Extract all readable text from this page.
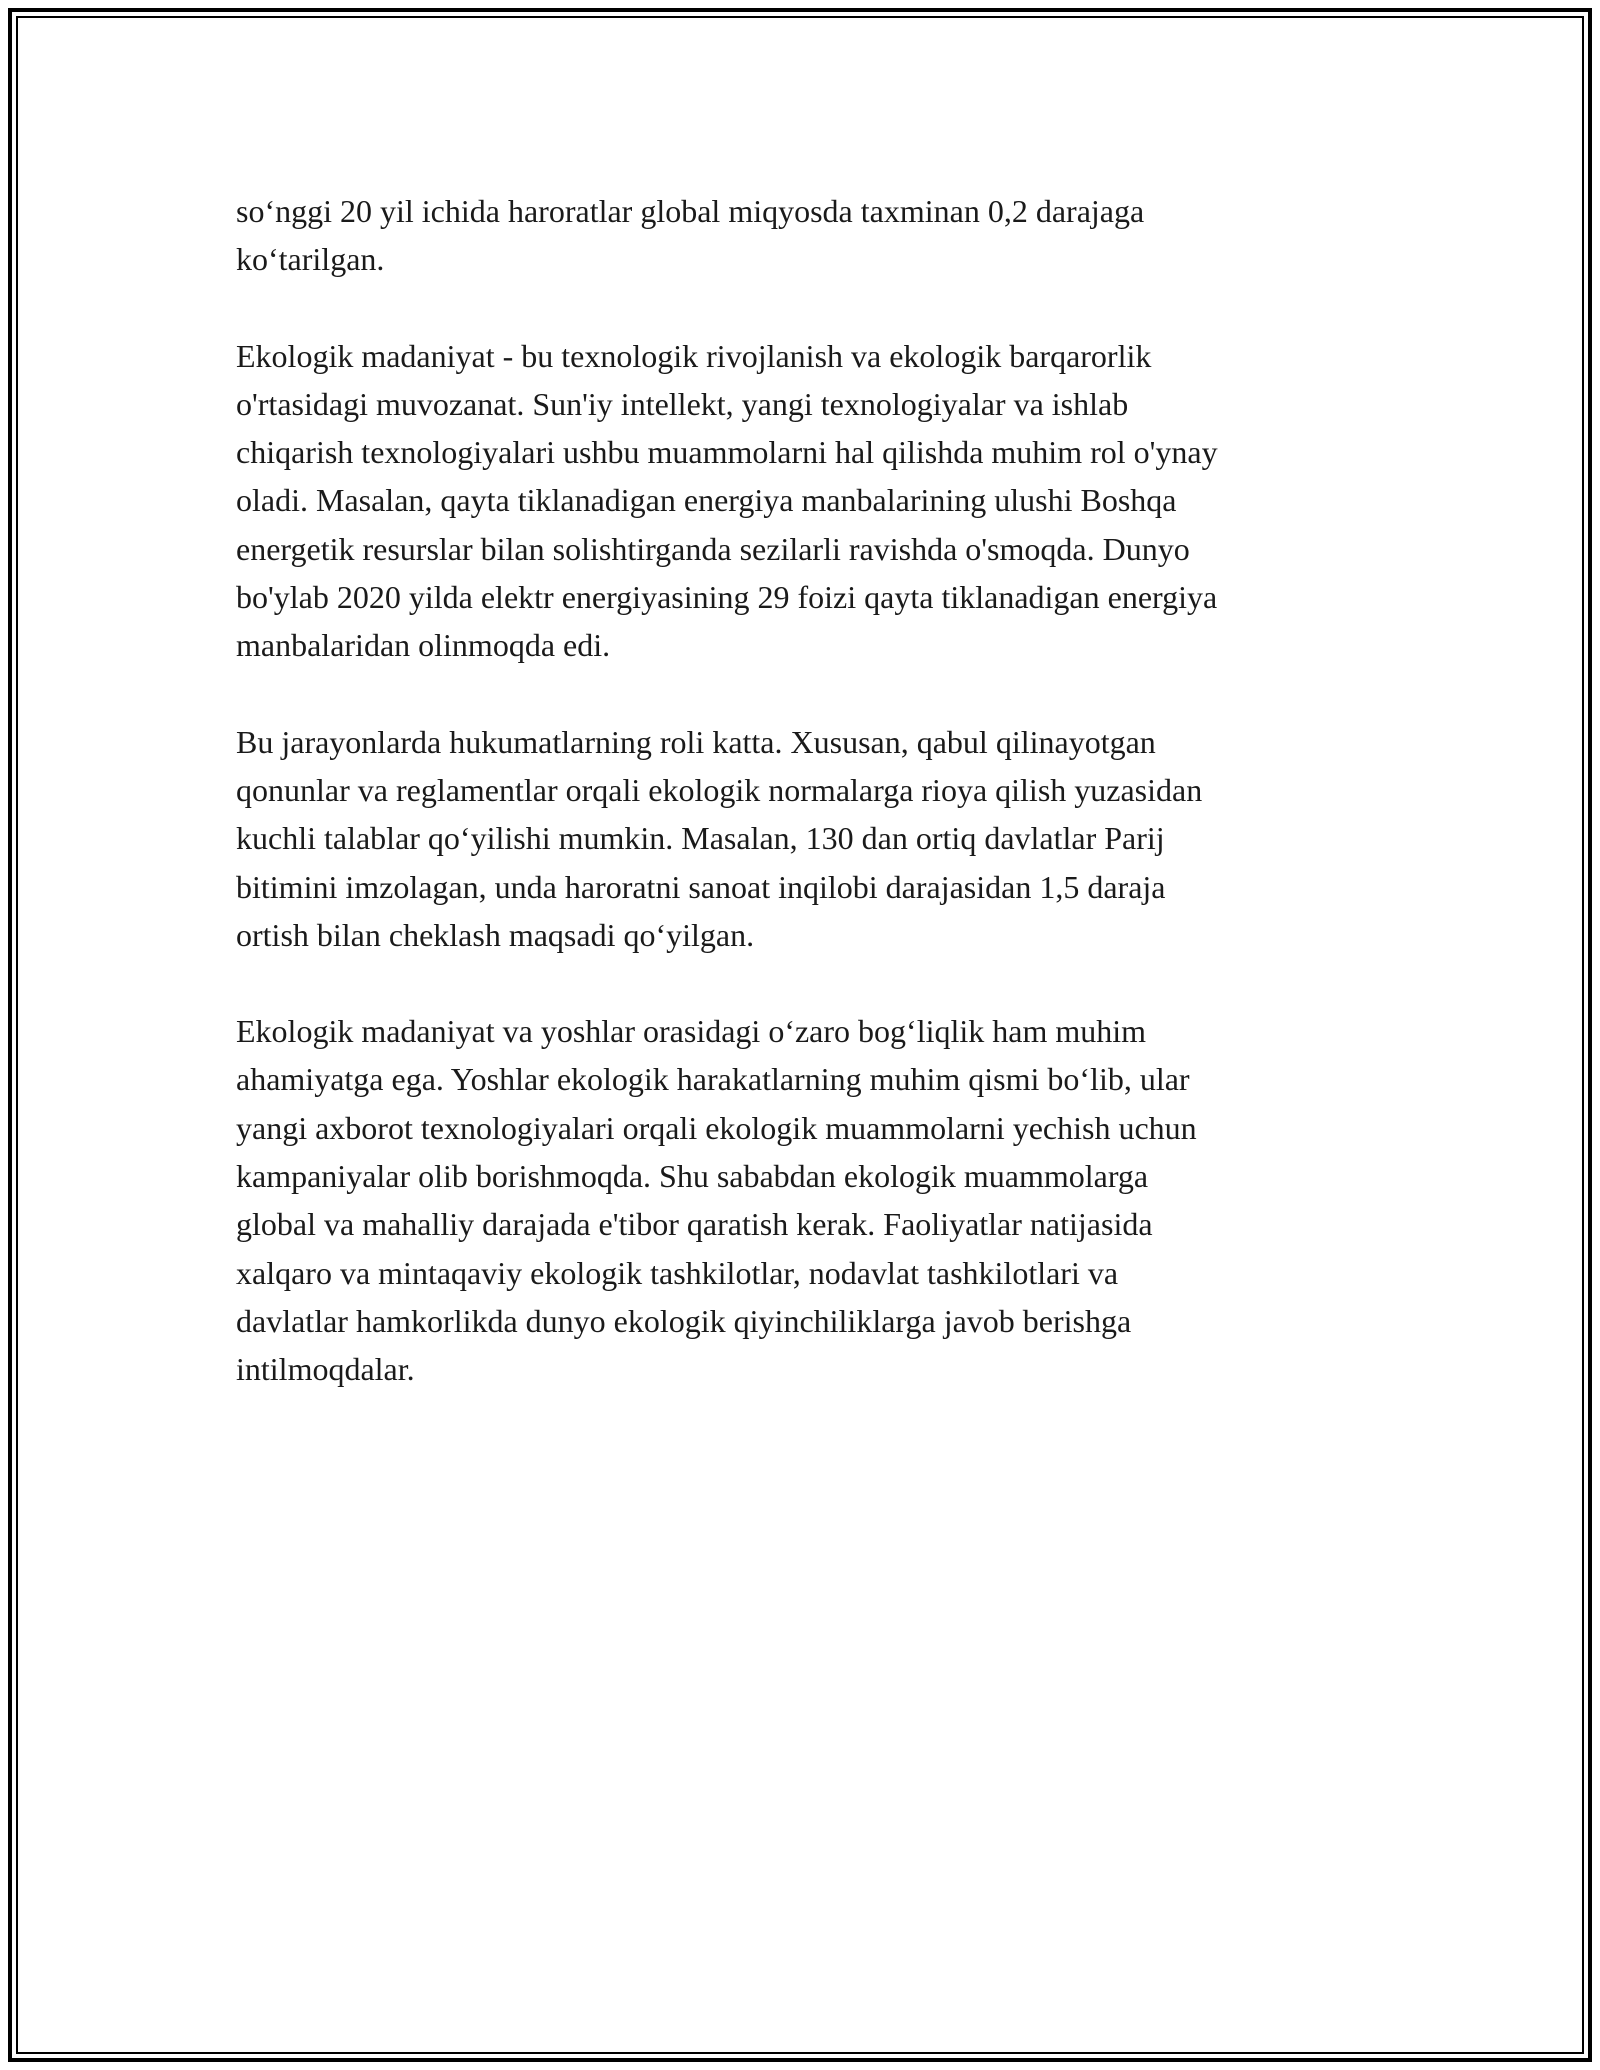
so‘nggi 20 yil ichida haroratlar global miqyosda taxminan 0,2 darajaga
ko‘tarilgan.

Ekologik madaniyat - bu texnologik rivojlanish va ekologik barqarorlik
o'rtasidagi muvozanat. Sun'iy intellekt, yangi texnologiyalar va ishlab
chiqarish texnologiyalari ushbu muammolarni hal qilishda muhim rol o'ynay
oladi. Masalan, qayta tiklanadigan energiya manbalarining ulushi Boshqa
energetik resurslar bilan solishtirganda sezilarli ravishda o'smoqda. Dunyo
bo'ylab 2020 yilda elektr energiyasining 29 foizi qayta tiklanadigan energiya
manbalaridan olinmoqda edi.

Bu jarayonlarda hukumatlarning roli katta. Xususan, qabul qilinayotgan
qonunlar va reglamentlar orqali ekologik normalarga rioya qilish yuzasidan
kuchli talablar qo‘yilishi mumkin. Masalan, 130 dan ortiq davlatlar Parij
bitimini imzolagan, unda haroratni sanoat inqilobi darajasidan 1,5 daraja
ortish bilan cheklash maqsadi qo‘yilgan.

Ekologik madaniyat va yoshlar orasidagi o‘zaro bog‘liqlik ham muhim
ahamiyatga ega. Yoshlar ekologik harakatlarning muhim qismi bo‘lib, ular
yangi axborot texnologiyalari orqali ekologik muammolarni yechish uchun
kampaniyalar olib borishmoqda. Shu sababdan ekologik muammolarga
global va mahalliy darajada e'tibor qaratish kerak. Faoliyatlar natijasida
xalqaro va mintaqaviy ekologik tashkilotlar, nodavlat tashkilotlari va
davlatlar hamkorlikda dunyo ekologik qiyinchiliklarga javob berishga
intilmoqdalar.
